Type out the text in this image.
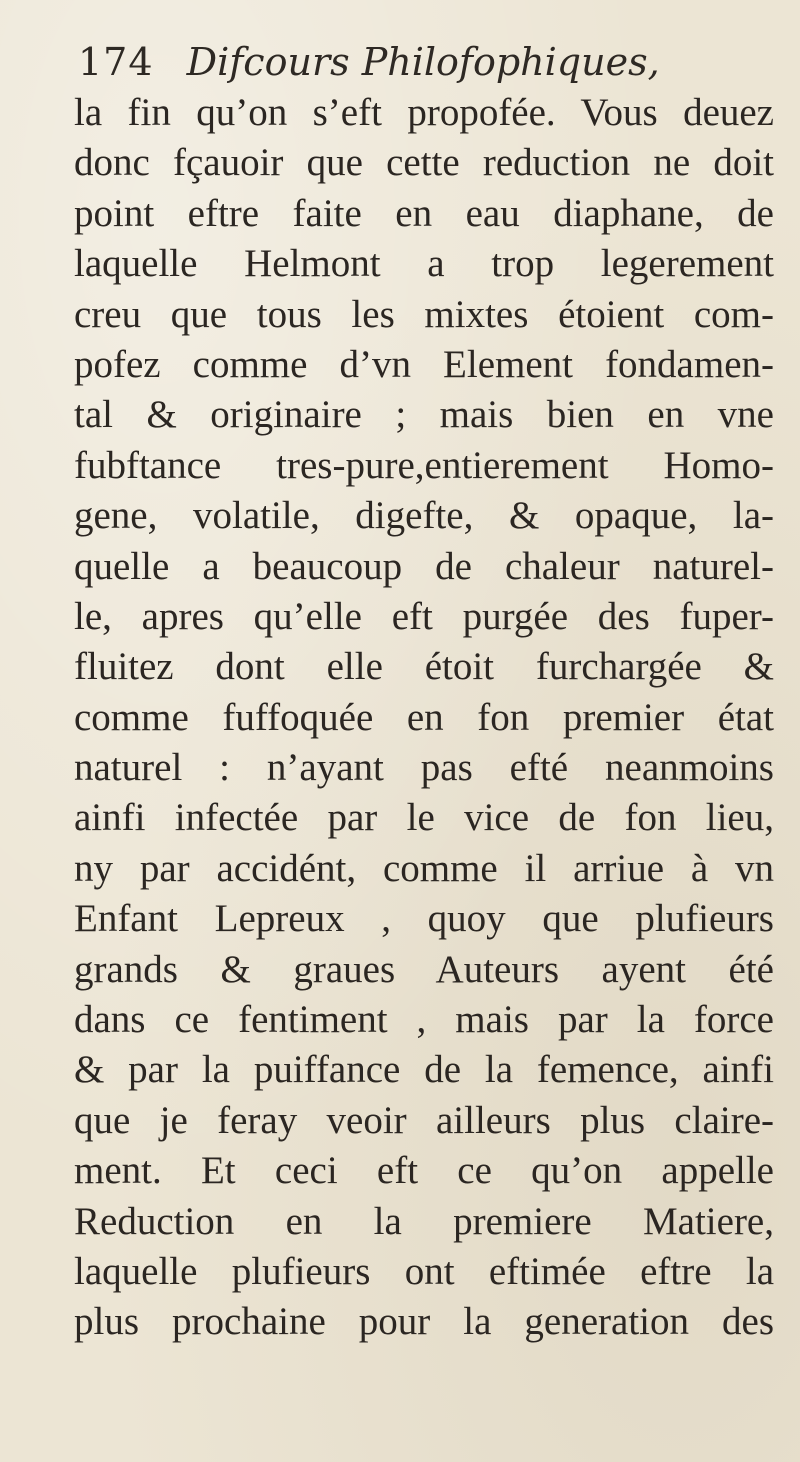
174 Difcours Philofophiques,
la fin qu’on s’eft propofée. Vous deuez
donc fçauoir que cette reduction ne doit
point eftre faite en eau diaphane, de
laquelle Helmont a trop legerement
creu que tous les mixtes étoient com-
pofez comme d’vn Element fondamen-
tal & originaire ; mais bien en vne
fubftance tres-pure,entierement Homo-
gene, volatile, digefte, & opaque, la-
quelle a beaucoup de chaleur naturel-
le, apres qu’elle eft purgée des fuper-
fluitez dont elle étoit furchargée &
comme fuffoquée en fon premier état
naturel : n’ayant pas efté neanmoins
ainfi infectée par le vice de fon lieu,
ny par accidént, comme il arriue à vn
Enfant Lepreux , quoy que plufieurs
grands & graues Auteurs ayent été
dans ce fentiment , mais par la force
& par la puiffance de la femence, ainfi
que je feray veoir ailleurs plus claire-
ment. Et ceci eft ce qu’on appelle
Reduction en la premiere Matiere,
laquelle plufieurs ont eftimée eftre la
plus prochaine pour la generation des
